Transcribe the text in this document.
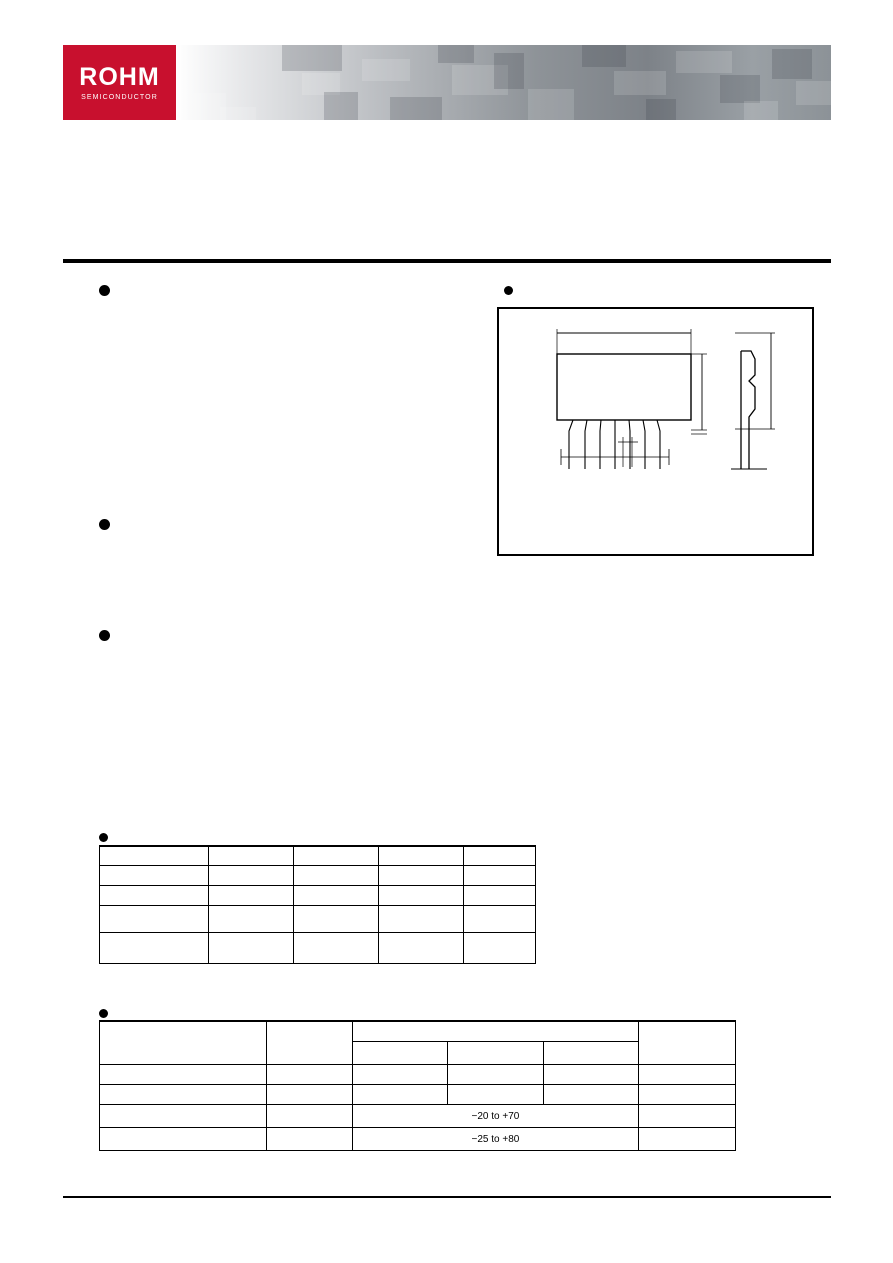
ROHM
SEMICONDUCTOR

		−20 to +70			
		−25 to +80			
